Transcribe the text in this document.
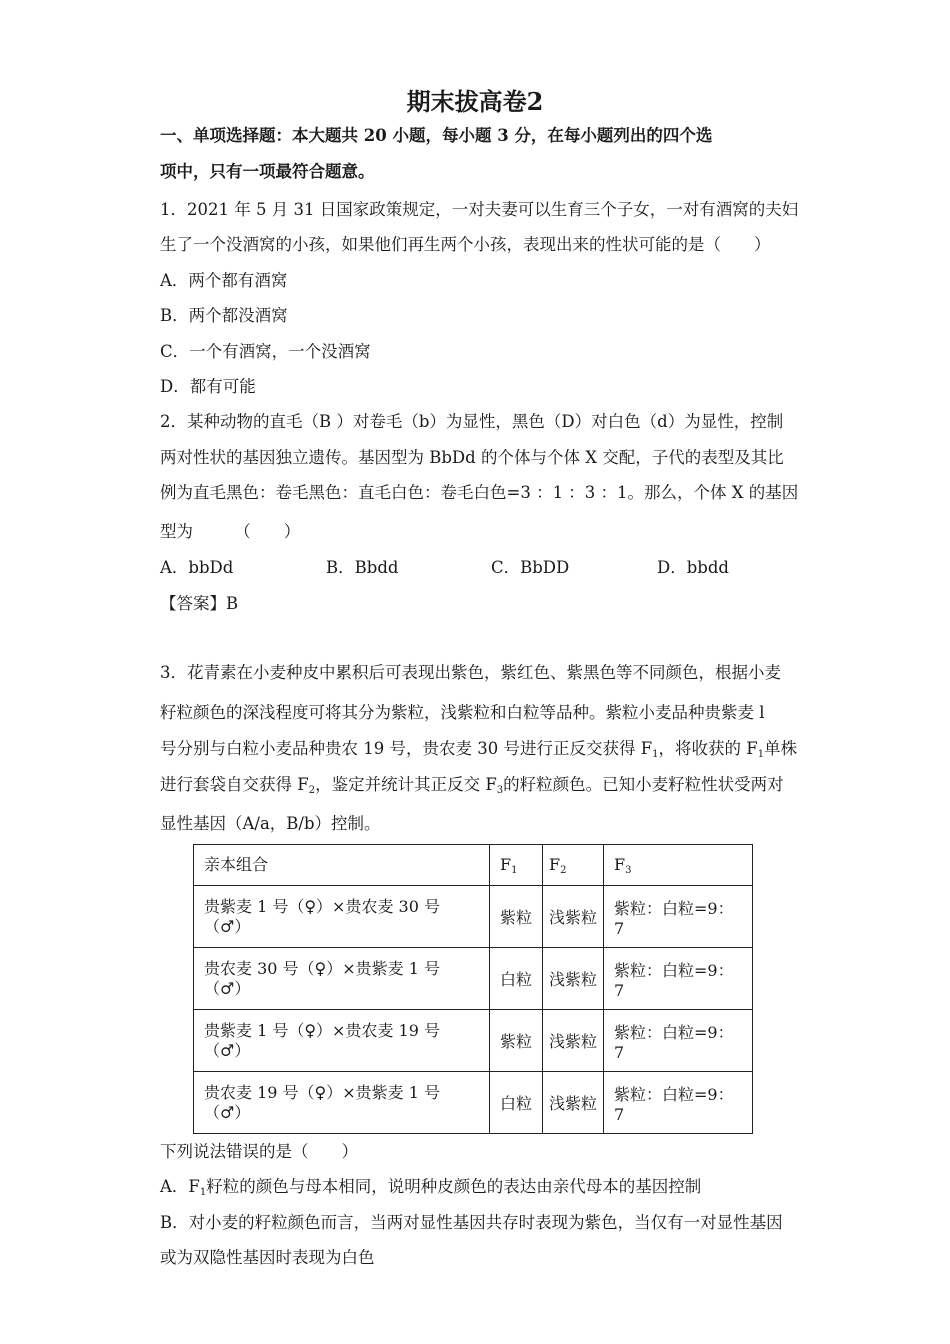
期末拔高卷2
一、单项选择题：本大题共 20 小题，每小题 3 分，在每小题列出的四个选
项中，只有一项最符合题意。
1．2021 年 5 月 31 日国家政策规定，一对夫妻可以生育三个子女，一对有酒窝的夫妇
生了一个没酒窝的小孩，如果他们再生两个小孩，表现出来的性状可能的是（　　）
A．两个都有酒窝
B．两个都没酒窝
C．一个有酒窝，一个没酒窝
D．都有可能
2．某种动物的直毛（B ）对卷毛（b）为显性，黑色（D）对白色（d）为显性，控制
两对性状的基因独立遗传。基因型为 BbDd 的个体与个体 X 交配，子代的表型及其比
例为直毛黑色：卷毛黑色：直毛白色：卷毛白色=3 ：1 ：3 ：1。那么，个体 X 的基因
型为　　　（　　）
A．bbDd	B．Bbdd	C．BbDD	D．bbdd
【答案】B
3．花青素在小麦种皮中累积后可表现出紫色，紫红色、紫黑色等不同颜色，根据小麦
籽粒颜色的深浅程度可将其分为紫粒，浅紫粒和白粒等品种。紫粒小麦品种贵紫麦 l
号分别与白粒小麦品种贵农 19 号，贵农麦 30 号进行正反交获得 $F_1$，将收获的 $F_1$单株
进行套袋自交获得 $F_2$，鉴定并统计其正反交 $F_3$的籽粒颜色。已知小麦籽粒性状受两对
显性基因（A/a，B/b）控制。
亲本组合	$F_1$	$F_2$	$F_3$

贵紫麦 1 号（♀）×贵农麦 30 号
（♂）	紫粒	浅紫粒	紫粒：白粒=9：7

贵农麦 30 号（♀）×贵紫麦 1 号
（♂）	白粒	浅紫粒	紫粒：白粒=9：7

贵紫麦 1 号（♀）×贵农麦 19 号
（♂）	紫粒	浅紫粒	紫粒：白粒=9：7

贵农麦 19 号（♀）×贵紫麦 1 号
（♂）	白粒	浅紫粒	紫粒：白粒=9：7
下列说法错误的是（　　）
A．$F_1$籽粒的颜色与母本相同，说明种皮颜色的表达由亲代母本的基因控制
B．对小麦的籽粒颜色而言，当两对显性基因共存时表现为紫色，当仅有一对显性基因
或为双隐性基因时表现为白色
